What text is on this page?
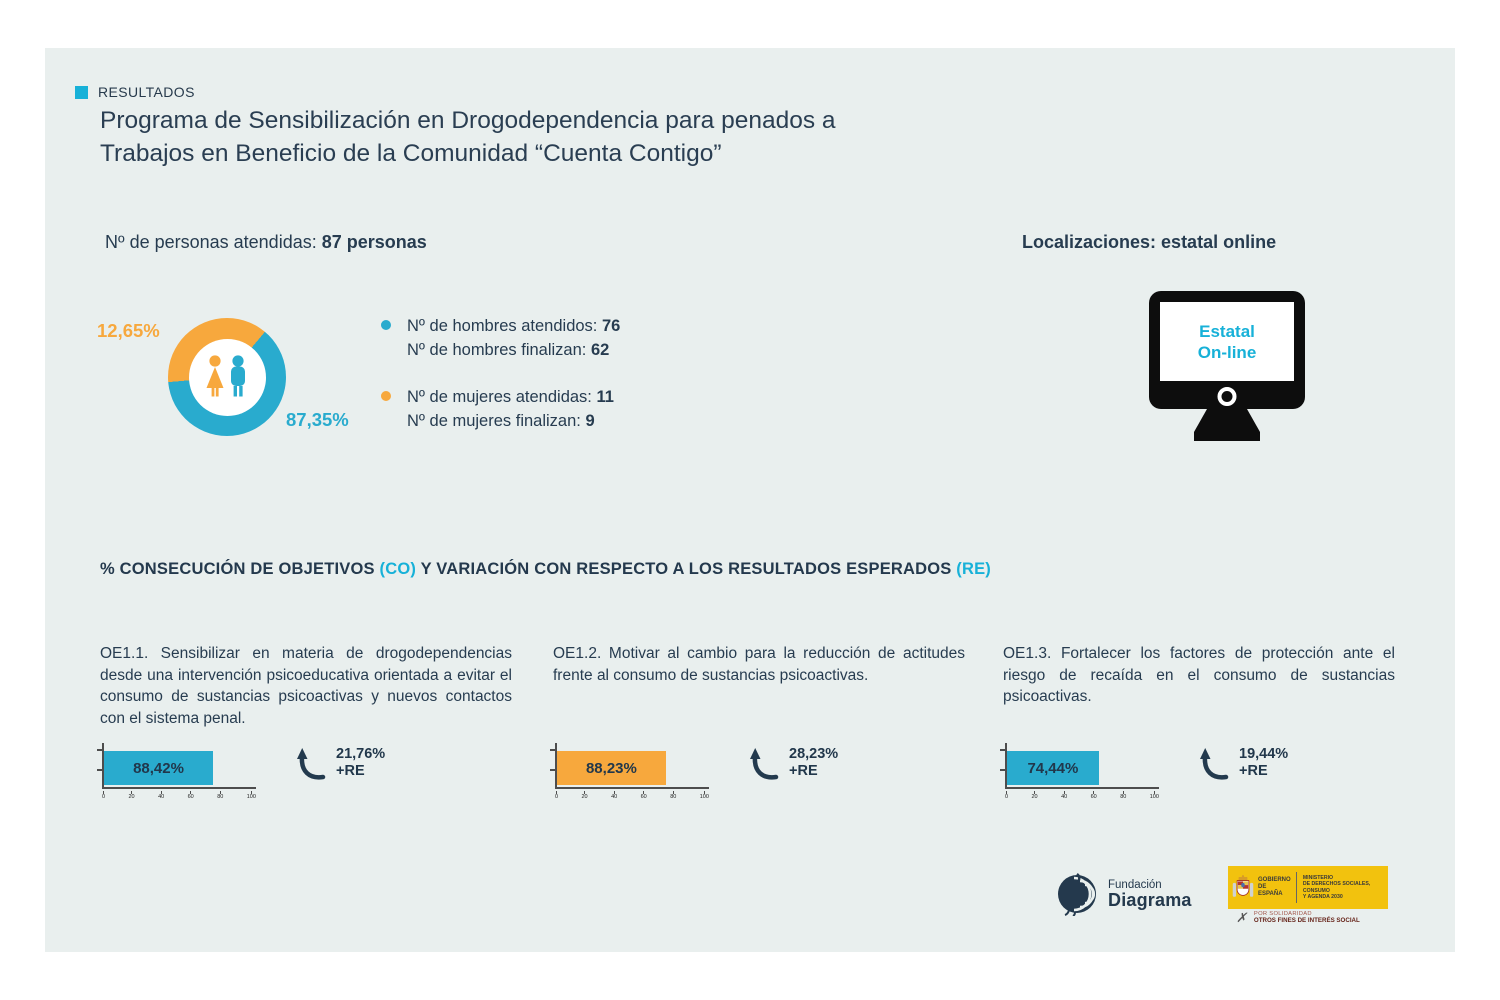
RESULTADOS
Programa de Sensibilización en Drogodependencia para penados a
Trabajos en Beneficio de la Comunidad “Cuenta Contigo”
Nº de personas atendidas: 87 personas	Localizaciones: estatal online
12,65%
87,35%
Nº de hombres atendidos: 76
Nº de hombres finalizan: 62
Nº de mujeres atendidas: 11
Nº de mujeres finalizan: 9
Estatal
On-line
% CONSECUCIÓN DE OBJETIVOS (CO) Y VARIACIÓN CON RESPECTO A LOS RESULTADOS ESPERADOS (RE)

OE1.1. Sensibilizar en materia de drogodependencias desde una intervención psicoeducativa orientada a evitar el consumo de sustancias psicoactivas y nuevos contactos con el sistema penal.

88,42%
0	20	40	60	80	100
21,76%
+RE

OE1.2. Motivar al cambio para la reducción de actitudes frente al consumo de sustancias psicoactivas.

88,23%
0	20	40	60	80	100
28,23%
+RE

OE1.3. Fortalecer los factores de protección ante el riesgo de recaída en el consumo de sustancias psicoactivas.

74,44%
0	20	40	60	80	100
19,44%
+RE
Fundación
Diagrama
GOBIERNO
DE ESPAÑA
MINISTERIO
DE DERECHOS SOCIALES, CONSUMO
Y AGENDA 2030
✗ POR SOLIDARIDAD
OTROS FINES DE INTERÉS SOCIAL
